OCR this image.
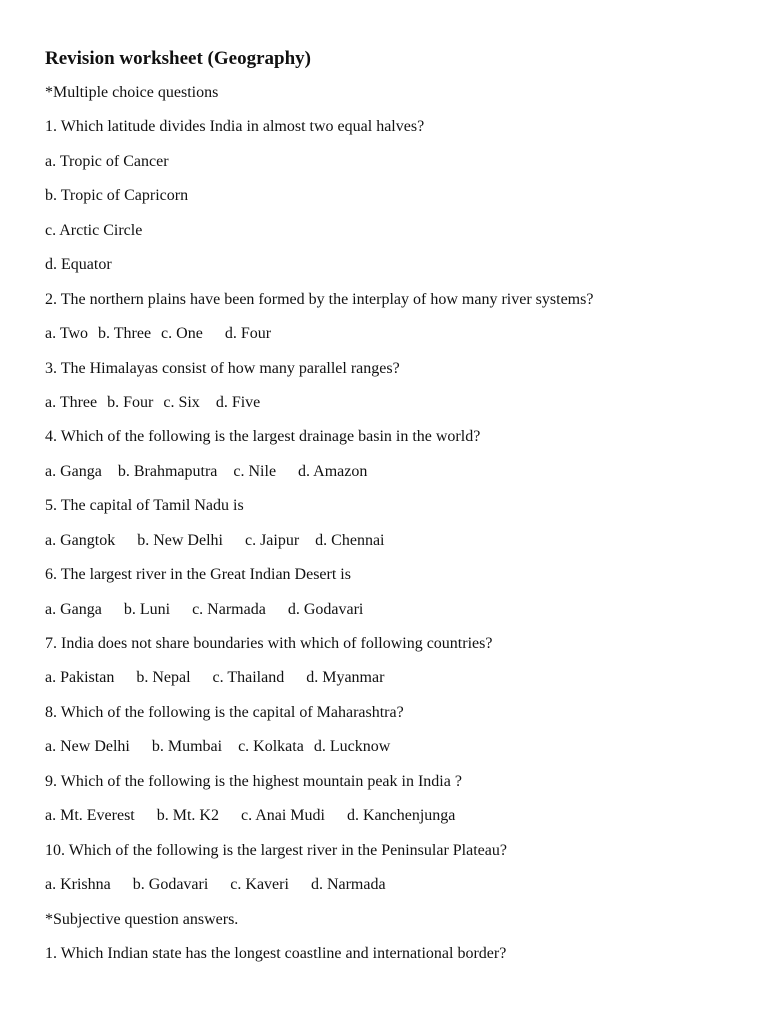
Revision worksheet (Geography)
*Multiple choice questions
1. Which latitude divides India in almost two equal halves?
a. Tropic of Cancer
b. Tropic of Capricorn
c. Arctic Circle
d. Equator
2. The northern plains have been formed by the interplay of how many river systems?
a. Two b. Three c. One d. Four
3. The Himalayas consist of how many parallel ranges?
a. Three b. Four c. Six d. Five
4. Which of the following is the largest drainage basin in the world?
a. Ganga b. Brahmaputra c. Nile d. Amazon
5. The capital of Tamil Nadu is
a. Gangtok b. New Delhi c. Jaipur d. Chennai
6. The largest river in the Great Indian Desert is
a. Ganga b. Luni c. Narmada d. Godavari
7. India does not share boundaries with which of following countries?
a. Pakistan b. Nepal c. Thailand d. Myanmar
8. Which of the following is the capital of Maharashtra?
a. New Delhi b. Mumbai c. Kolkata d. Lucknow
9. Which of the following is the highest mountain peak in India ?
a. Mt. Everest b. Mt. K2 c. Anai Mudi d. Kanchenjunga
10. Which of the following is the largest river in the Peninsular Plateau?
a. Krishna b. Godavari c. Kaveri d. Narmada
*Subjective question answers.
1. Which Indian state has the longest coastline and international border?
